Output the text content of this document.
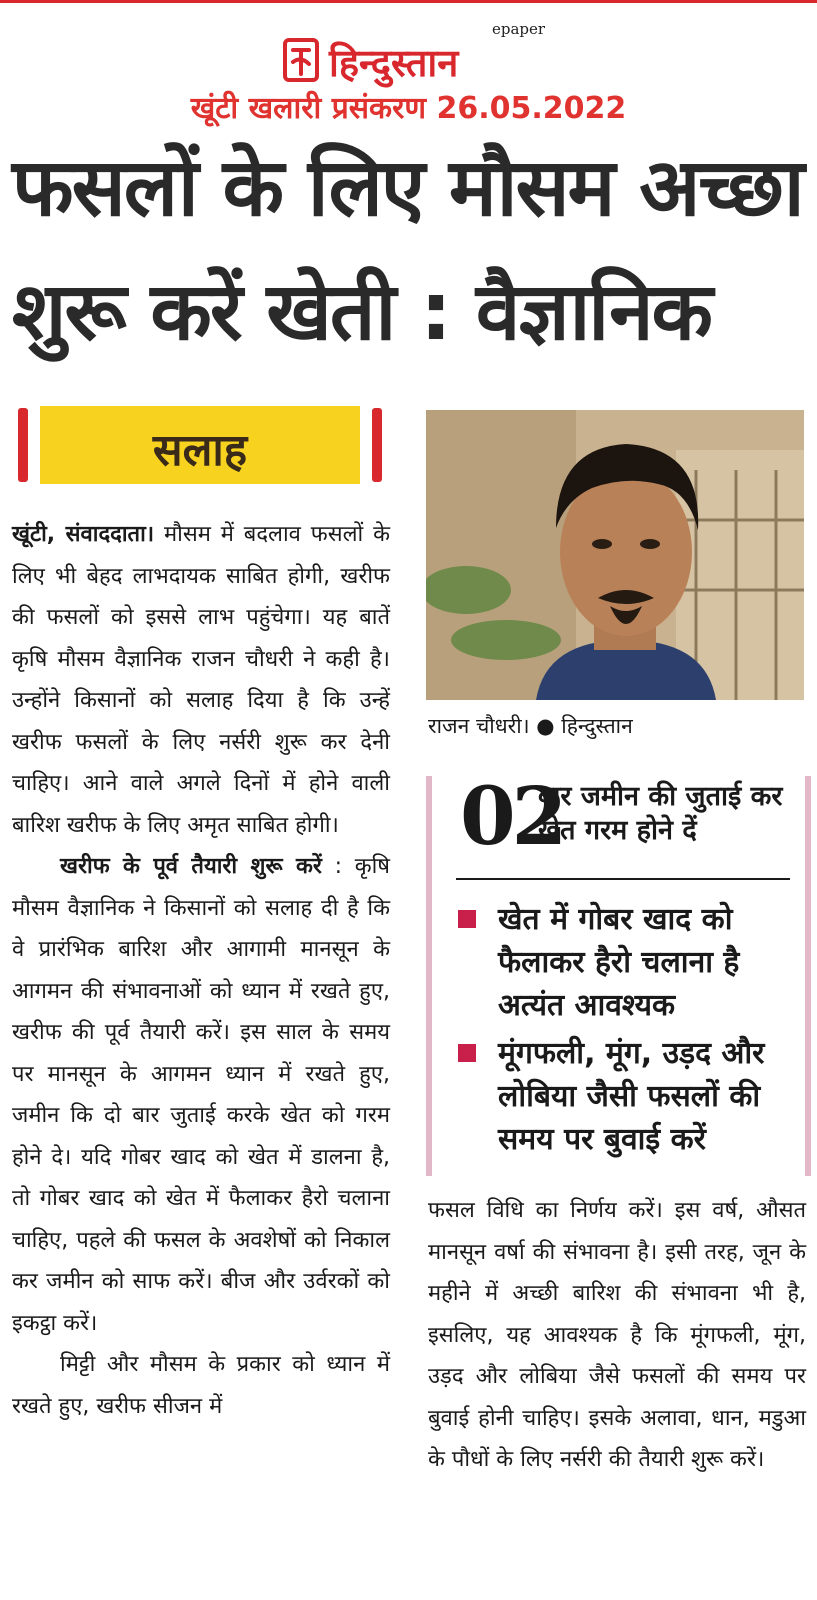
epaper
हिन्दुस्तान
खूंटी खलारी प्रसंकरण 26.05.2022
फसलों के लिए मौसम अच्छा
शुरू करें खेती : वैज्ञानिक
सलाह
राजन चौधरी। ● हिन्दुस्तान

खूंटी, संवाददाता। मौसम में बदलाव फसलों के लिए भी बेहद लाभदायक साबित होगी, खरीफ की फसलों को इससे लाभ पहुंचेगा। यह बातें कृषि मौसम वैज्ञानिक राजन चौधरी ने कही है। उन्होंने किसानों को सलाह दिया है कि उन्हें खरीफ फसलों के लिए नर्सरी शुरू कर देनी चाहिए। आने वाले अगले दिनों में होने वाली बारिश खरीफ के लिए अमृत साबित होगी।

खरीफ के पूर्व तैयारी शुरू करें : कृषि मौसम वैज्ञानिक ने किसानों को सलाह दी है कि वे प्रारंभिक बारिश और आगामी मानसून के आगमन की संभावनाओं को ध्यान में रखते हुए, खरीफ की पूर्व तैयारी करें। इस साल के समय पर मानसून के आगमन ध्यान में रखते हुए, जमीन कि दो बार जुताई करके खेत को गरम होने दे। यदि गोबर खाद को खेत में डालना है, तो गोबर खाद को खेत में फैलाकर हैरो चलाना चाहिए, पहले की फसल के अवशेषों को निकाल कर जमीन को साफ करें। बीज और उर्वरकों को इकट्ठा करें।

मिट्टी और मौसम के प्रकार को ध्यान में रखते हुए, खरीफ सीजन में

02
बार जमीन की जुताई कर खेत गरम होने दें
खेत में गोबर खाद को फैलाकर हैरो चलाना है अत्यंत आवश्यक
मूंगफली, मूंग, उड़द और लोबिया जैसी फसलों की समय पर बुवाई करें

फसल विधि का निर्णय करें। इस वर्ष, औसत मानसून वर्षा की संभावना है। इसी तरह, जून के महीने में अच्छी बारिश की संभावना भी है, इसलिए, यह आवश्यक है कि मूंगफली, मूंग, उड़द और लोबिया जैसे फसलों की समय पर बुवाई होनी चाहिए। इसके अलावा, धान, मडुआ के पौधों के लिए नर्सरी की तैयारी शुरू करें।
